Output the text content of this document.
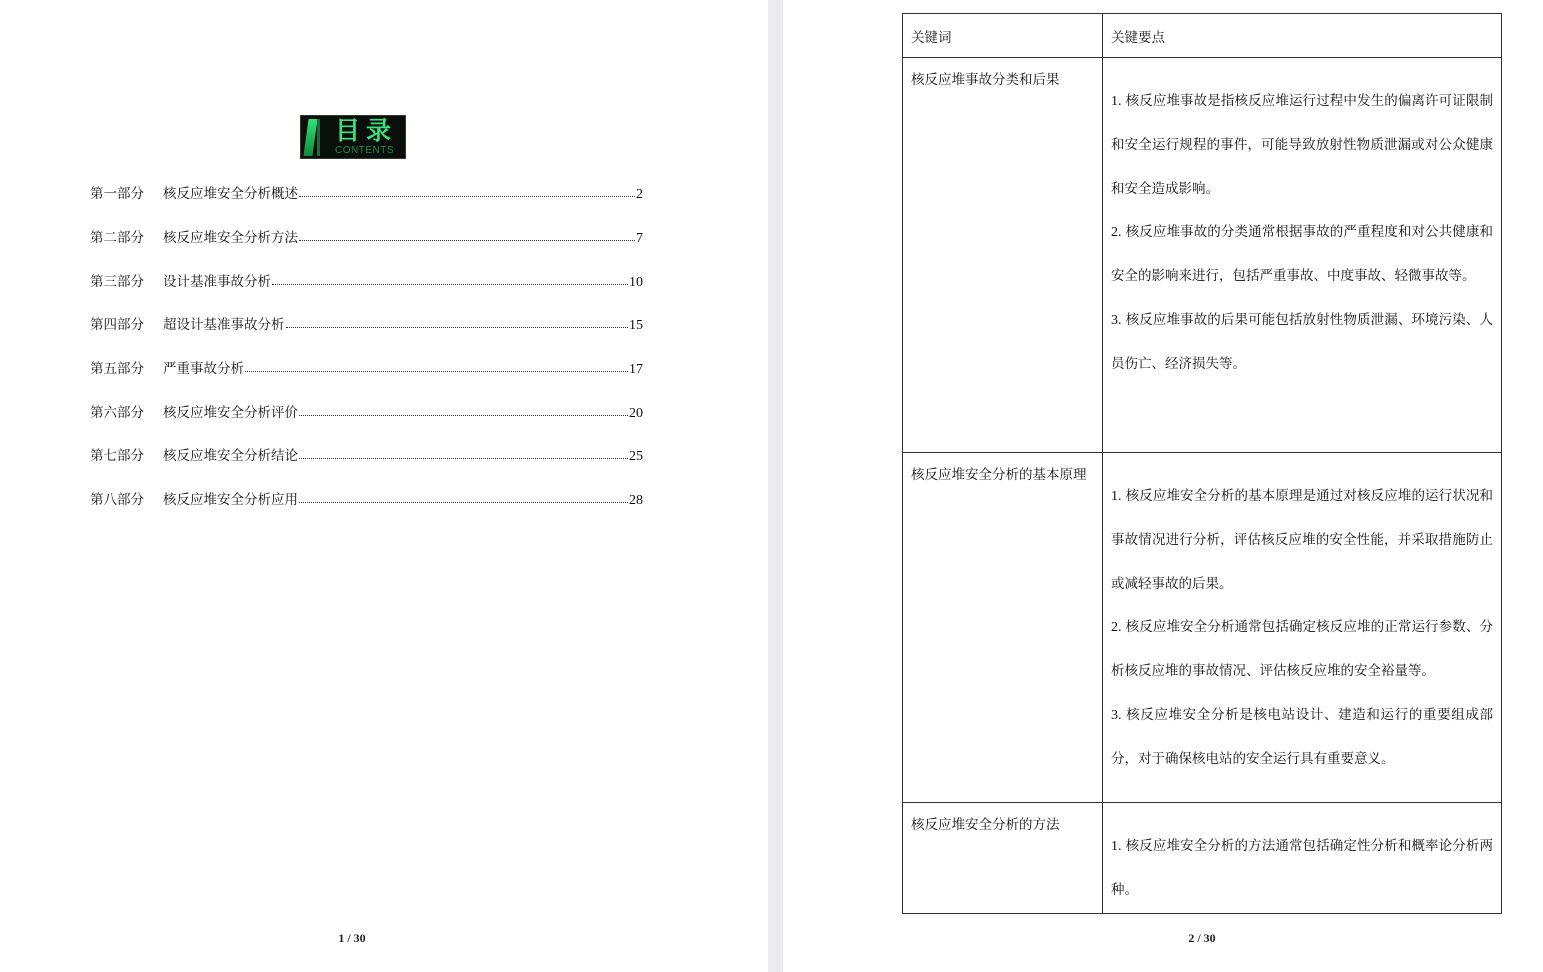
目录
CONTENTS
第一部分	核反应堆安全分析概述	2
第二部分	核反应堆安全分析方法	7
第三部分	设计基准事故分析	10
第四部分	超设计基准事故分析	15
第五部分	严重事故分析	17
第六部分	核反应堆安全分析评价	20
第七部分	核反应堆安全分析结论	25
第八部分	核反应堆安全分析应用	28
1 / 30
关键词	关键要点
核反应堆事故分类和后果	1. 核反应堆事故是指核反应堆运行过程中发生的偏离许可证限制和安全运行规程的事件，可能导致放射性物质泄漏或对公众健康和安全造成影响。
2. 核反应堆事故的分类通常根据事故的严重程度和对公共健康和安全的影响来进行，包括严重事故、中度事故、轻微事故等。
3. 核反应堆事故的后果可能包括放射性物质泄漏、环境污染、人员伤亡、经济损失等。

核反应堆安全分析的基本原理	1. 核反应堆安全分析的基本原理是通过对核反应堆的运行状况和事故情况进行分析，评估核反应堆的安全性能，并采取措施防止或减轻事故的后果。
2. 核反应堆安全分析通常包括确定核反应堆的正常运行参数、分析核反应堆的事故情况、评估核反应堆的安全裕量等。
3. 核反应堆安全分析是核电站设计、建造和运行的重要组成部分，对于确保核电站的安全运行具有重要意义。

核反应堆安全分析的方法	1. 核反应堆安全分析的方法通常包括确定性分析和概率论分析两种。
2 / 30
